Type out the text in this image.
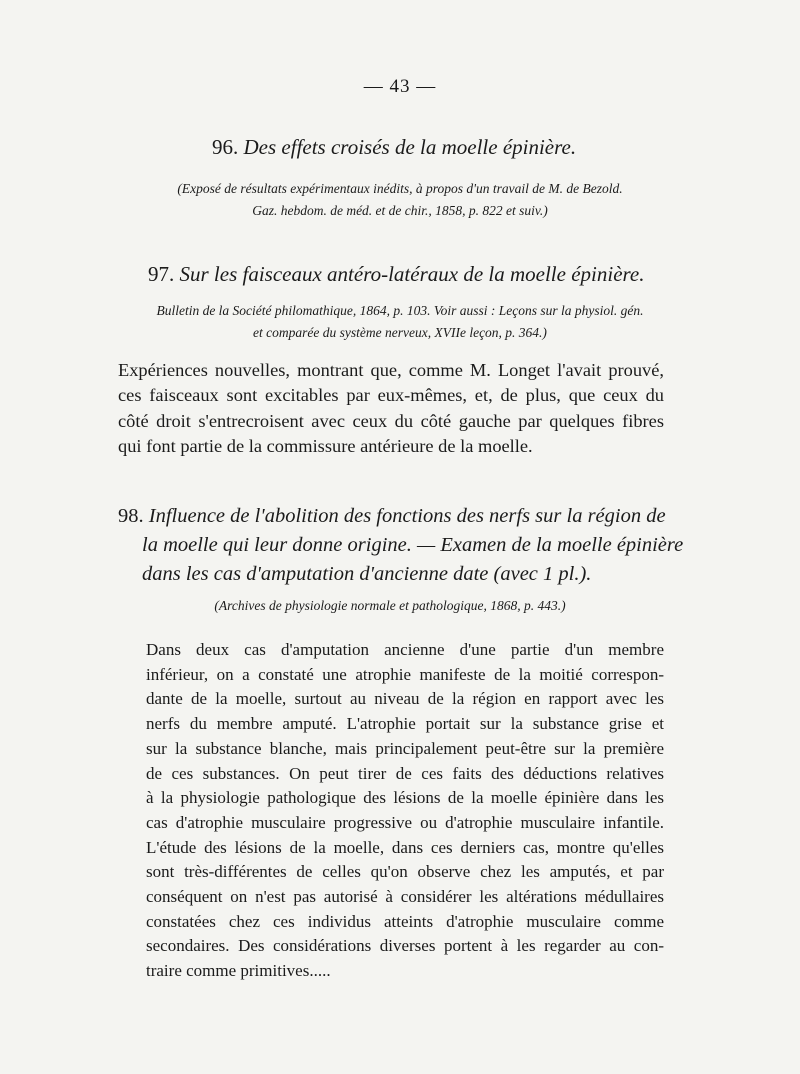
— 43 —
96. Des effets croisés de la moelle épinière.
(Exposé de résultats expérimentaux inédits, à propos d'un travail de M. de Bezold.
Gaz. hebdom. de méd. et de chir., 1858, p. 822 et suiv.)
97. Sur les faisceaux antéro-latéraux de la moelle épinière.
Bulletin de la Société philomathique, 1864, p. 103. Voir aussi : Leçons sur la physiol. gén.
et comparée du système nerveux, XVIIe leçon, p. 364.)
Expériences nouvelles, montrant que, comme M. Longet l'avait prouvé,
ces faisceaux sont excitables par eux-mêmes, et, de plus, que ceux du
côté droit s'entrecroisent avec ceux du côté gauche par quelques fibres
qui font partie de la commissure antérieure de la moelle.
98. Influence de l'abolition des fonctions des nerfs sur la région de
la moelle qui leur donne origine. — Examen de la moelle épinière
dans les cas d'amputation d'ancienne date (avec 1 pl.).
(Archives de physiologie normale et pathologique, 1868, p. 443.)
Dans deux cas d'amputation ancienne d'une partie d'un membre
inférieur, on a constaté une atrophie manifeste de la moitié correspon-
dante de la moelle, surtout au niveau de la région en rapport avec les
nerfs du membre amputé. L'atrophie portait sur la substance grise et
sur la substance blanche, mais principalement peut-être sur la première
de ces substances. On peut tirer de ces faits des déductions relatives
à la physiologie pathologique des lésions de la moelle épinière dans les
cas d'atrophie musculaire progressive ou d'atrophie musculaire infantile.
L'étude des lésions de la moelle, dans ces derniers cas, montre qu'elles
sont très-différentes de celles qu'on observe chez les amputés, et par
conséquent on n'est pas autorisé à considérer les altérations médullaires
constatées chez ces individus atteints d'atrophie musculaire comme
secondaires. Des considérations diverses portent à les regarder au con-
traire comme primitives.....
